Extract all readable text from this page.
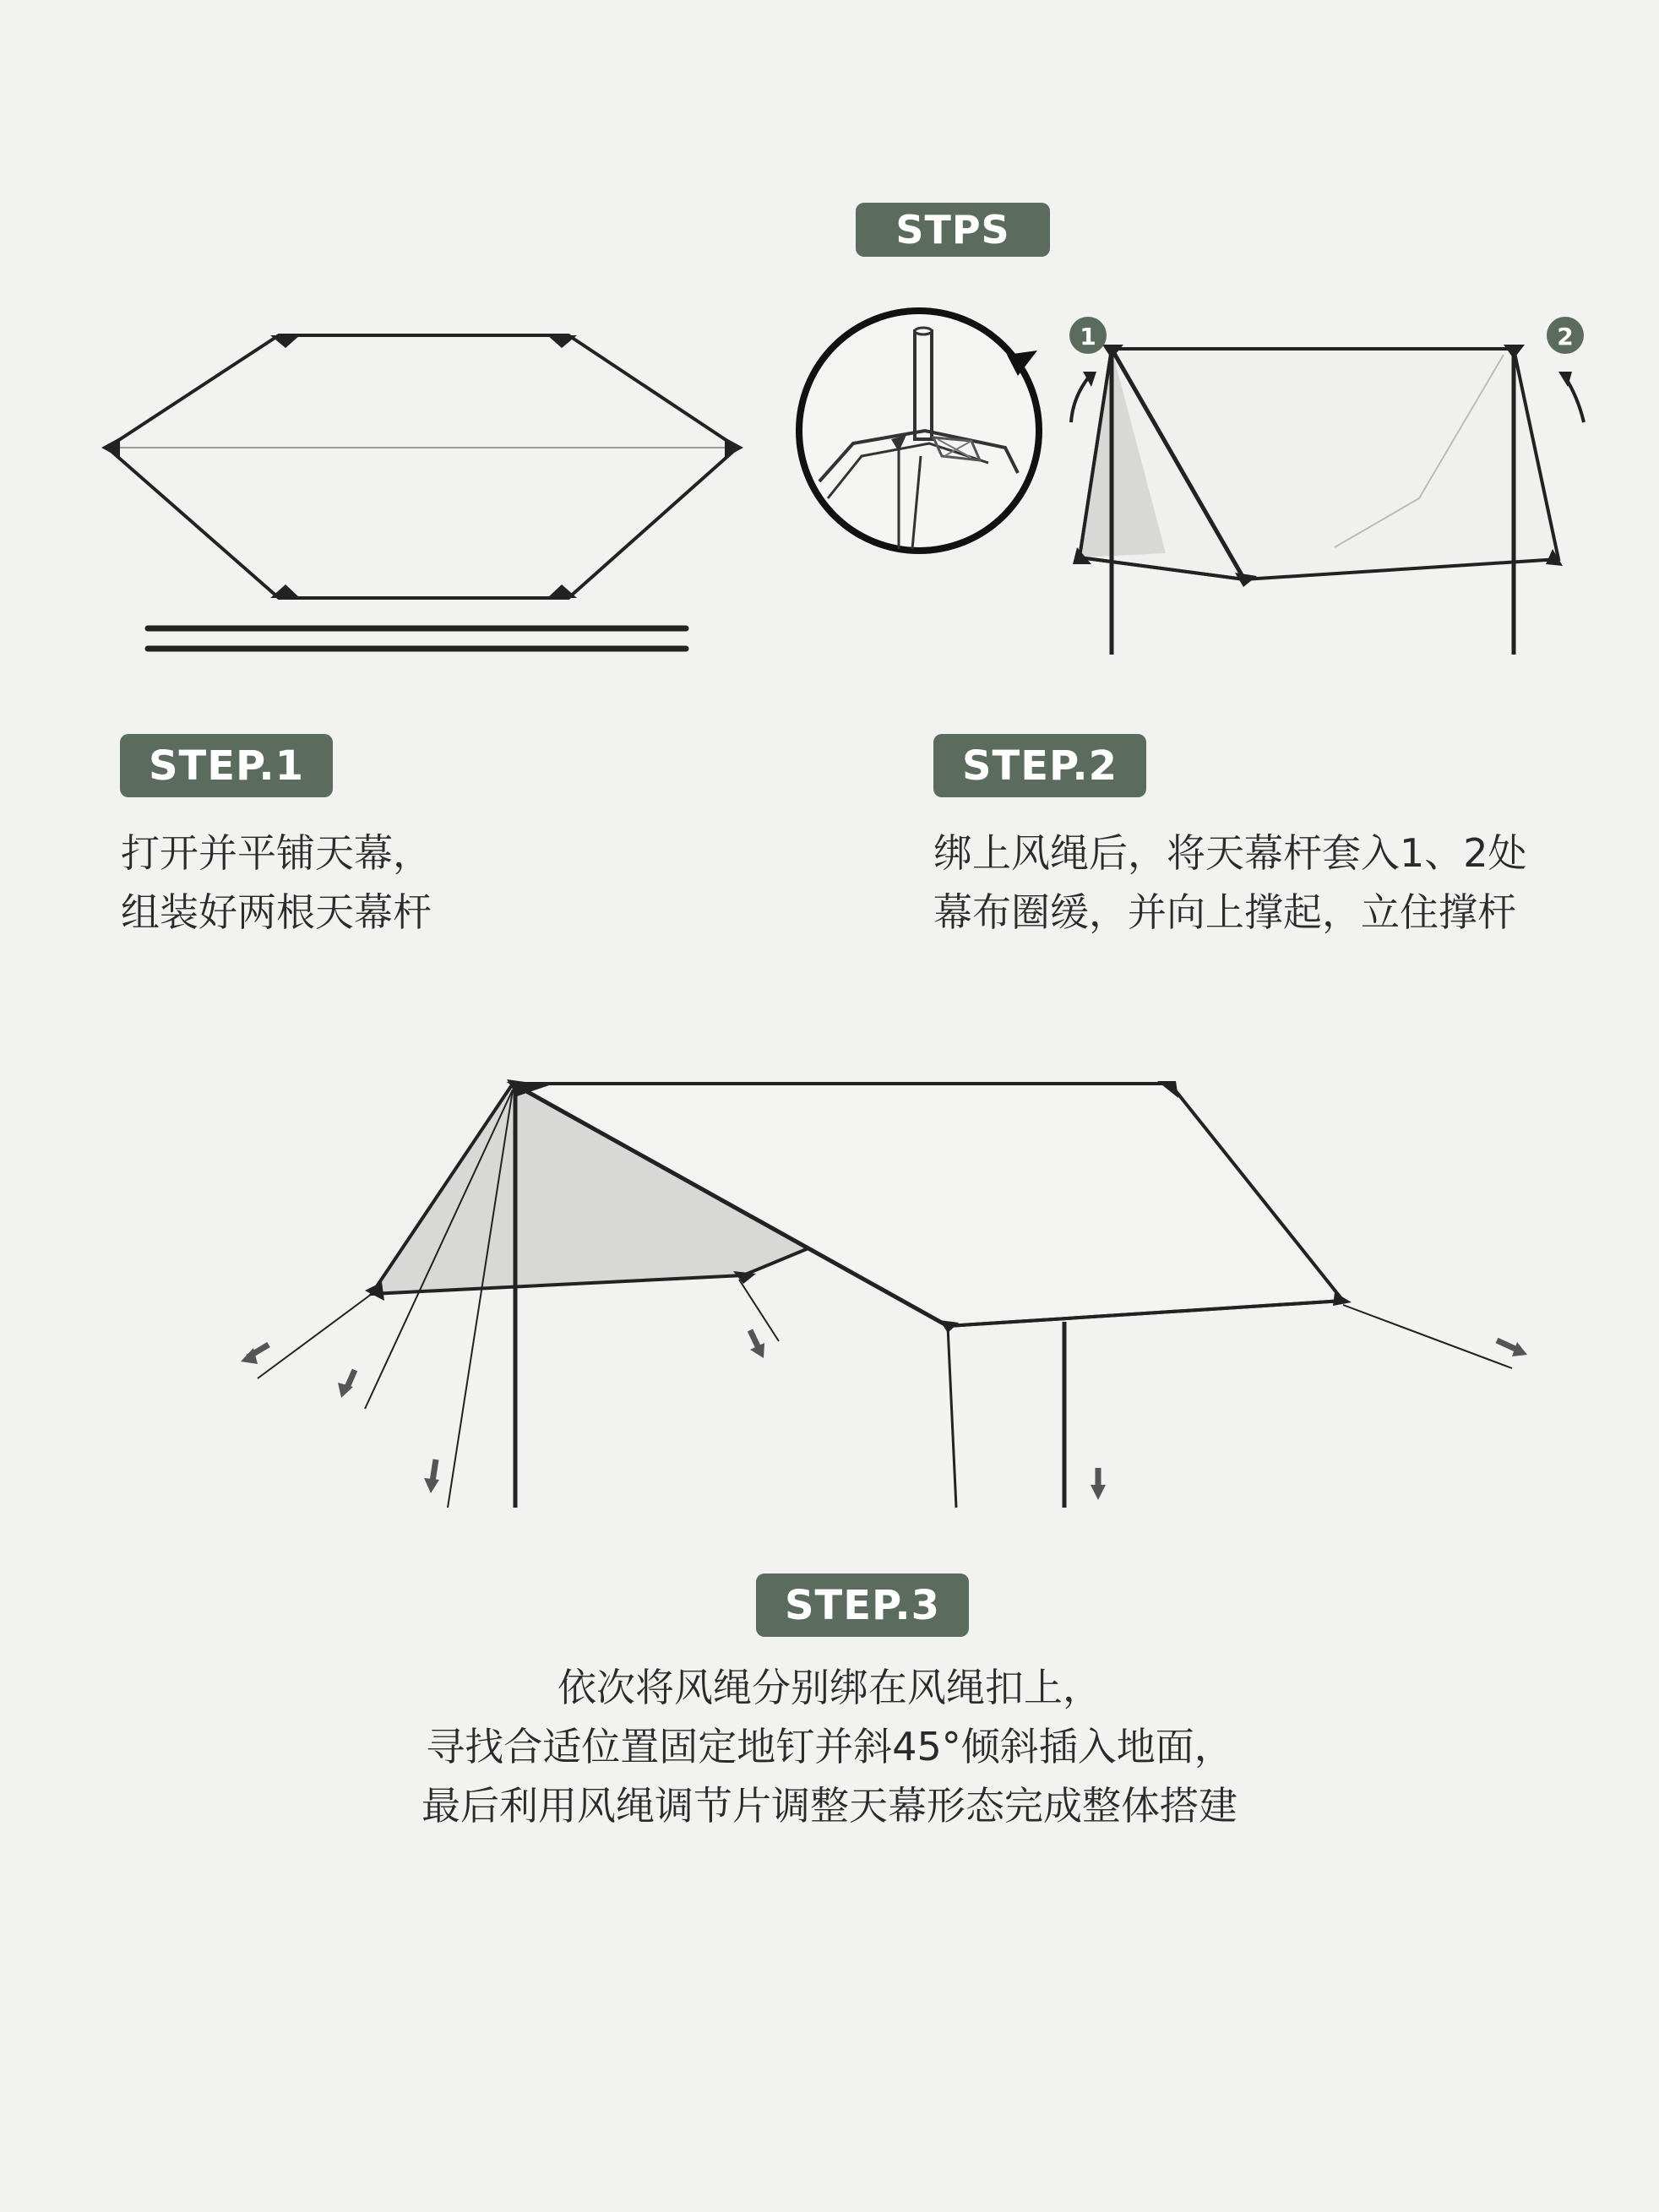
STPS
1	2
STEP.1
打开并平铺天幕，
组装好两根天幕杆
STEP.2
绑上风绳后，将天幕杆套入1、2处
幕布圈缓，并向上撑起，立住撑杆
STEP.3
依次将风绳分别绑在风绳扣上，
寻找合适位置固定地钉并斜45°倾斜插入地面，
最后利用风绳调节片调整天幕形态完成整体搭建
